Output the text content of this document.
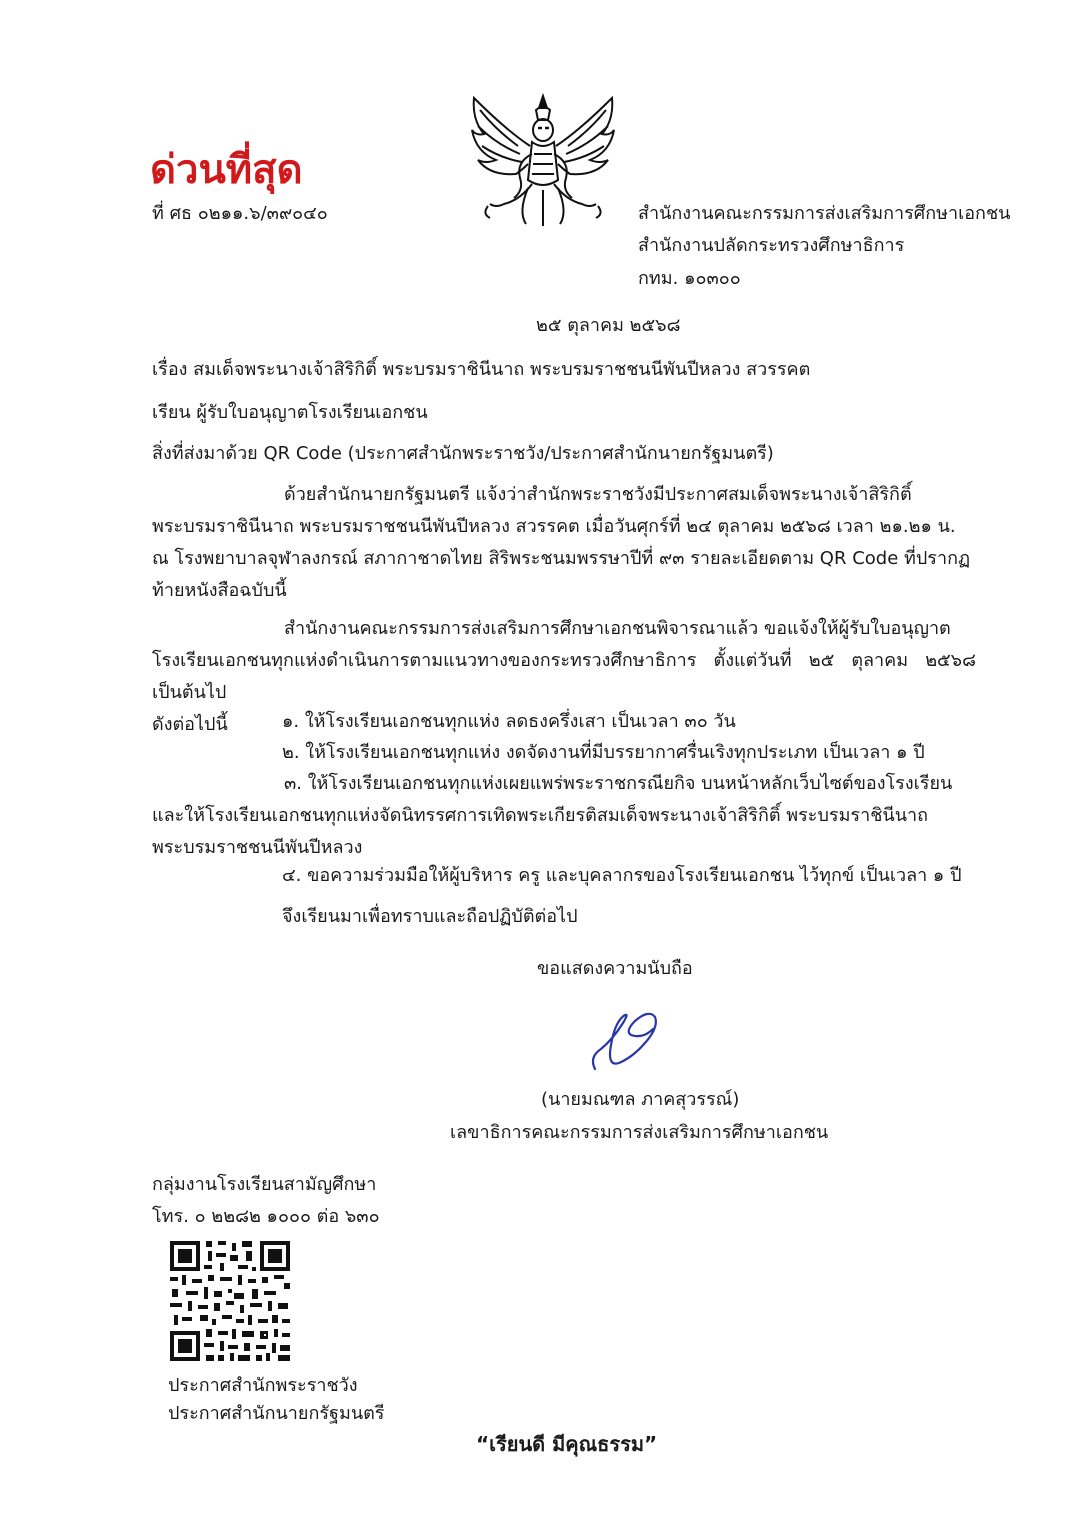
ด่วนที่สุด
ที่ ศธ ๐๒๑๑.๖/๓๙๐๔๐	สำนักงานคณะกรรมการส่งเสริมการศึกษาเอกชน
สำนักงานปลัดกระทรวงศึกษาธิการ
กทม. ๑๐๓๐๐
๒๕ ตุลาคม ๒๕๖๘
เรื่อง สมเด็จพระนางเจ้าสิริกิติ์ พระบรมราชินีนาถ พระบรมราชชนนีพันปีหลวง สวรรคต
เรียน ผู้รับใบอนุญาตโรงเรียนเอกชน
สิ่งที่ส่งมาด้วย QR Code (ประกาศสำนักพระราชวัง/ประกาศสำนักนายกรัฐมนตรี)

ด้วยสำนักนายกรัฐมนตรี แจ้งว่าสำนักพระราชวังมีประกาศสมเด็จพระนางเจ้าสิริกิติ์

พระบรมราชินีนาถ พระบรมราชชนนีพันปีหลวง สวรรคต เมื่อวันศุกร์ที่ ๒๔ ตุลาคม ๒๕๖๘ เวลา ๒๑.๒๑ น.

ณ โรงพยาบาลจุฬาลงกรณ์ สภากาชาดไทย สิริพระชนมพรรษาปีที่ ๙๓ รายละเอียดตาม QR Code ที่ปรากฏ

ท้ายหนังสือฉบับนี้

สำนักงานคณะกรรมการส่งเสริมการศึกษาเอกชนพิจารณาแล้ว ขอแจ้งให้ผู้รับใบอนุญาต

โรงเรียนเอกชนทุกแห่งดำเนินการตามแนวทางของกระทรวงศึกษาธิการ ตั้งแต่วันที่ ๒๕ ตุลาคม ๒๕๖๘ เป็นต้นไป

ดังต่อไปนี้	๑. ให้โรงเรียนเอกชนทุกแห่ง ลดธงครึ่งเสา เป็นเวลา ๓๐ วัน
๒. ให้โรงเรียนเอกชนทุกแห่ง งดจัดงานที่มีบรรยากาศรื่นเริงทุกประเภท เป็นเวลา ๑ ปี

๓. ให้โรงเรียนเอกชนทุกแห่งเผยแพร่พระราชกรณียกิจ บนหน้าหลักเว็บไซต์ของโรงเรียน

และให้โรงเรียนเอกชนทุกแห่งจัดนิทรรศการเทิดพระเกียรติสมเด็จพระนางเจ้าสิริกิติ์ พระบรมราชินีนาถ

พระบรมราชชนนีพันปีหลวง

๔. ขอความร่วมมือให้ผู้บริหาร ครู และบุคลากรของโรงเรียนเอกชน ไว้ทุกข์ เป็นเวลา ๑ ปี
จึงเรียนมาเพื่อทราบและถือปฏิบัติต่อไป
ขอแสดงความนับถือ
(นายมณฑล ภาคสุวรรณ์)
เลขาธิการคณะกรรมการส่งเสริมการศึกษาเอกชน
กลุ่มงานโรงเรียนสามัญศึกษา
โทร. ๐ ๒๒๘๒ ๑๐๐๐ ต่อ ๖๓๐
ประกาศสำนักพระราชวัง
ประกาศสำนักนายกรัฐมนตรี
“เรียนดี มีคุณธรรม”
